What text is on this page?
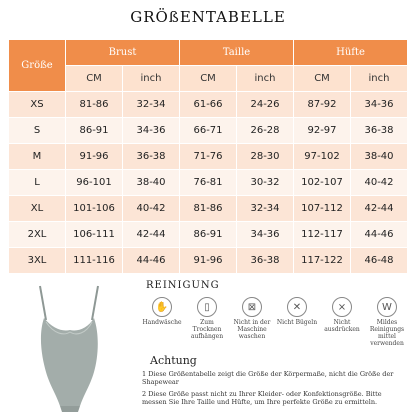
GRÖßENTABELLE
Größe	Brust		Taille		Hüfte	
	CM	inch	CM	inch	CM	inch
XS	81-86	32-34	61-66	24-26	87-92	34-36
S	86-91	34-36	66-71	26-28	92-97	36-38
M	91-96	36-38	71-76	28-30	97-102	38-40
L	96-101	38-40	76-81	30-32	102-107	40-42
XL	101-106	40-42	81-86	32-34	107-112	42-44
2XL	106-111	42-44	86-91	34-36	112-117	44-46
3XL	111-116	44-46	91-96	36-38	117-122	46-48
REINIGUNG
✋
Handwäsche
▯
Zum Trocknen aufhängen
⊠
Nicht in der Maschine waschen
✕
Nicht Bügeln
⨯
Nicht ausdrücken
W
Mildes Reinigungs mittel verwenden
Achtung
1 Diese Größentabelle zeigt die Größe der Körpermaße, nicht die Größe der Shapewear
2 Diese Größe passt nicht zu Ihrer Kleider- oder Konfektionsgröße. Bitte messen Sie Ihre Taille und Hüfte, um Ihre perfekte Größe zu ermitteln.
